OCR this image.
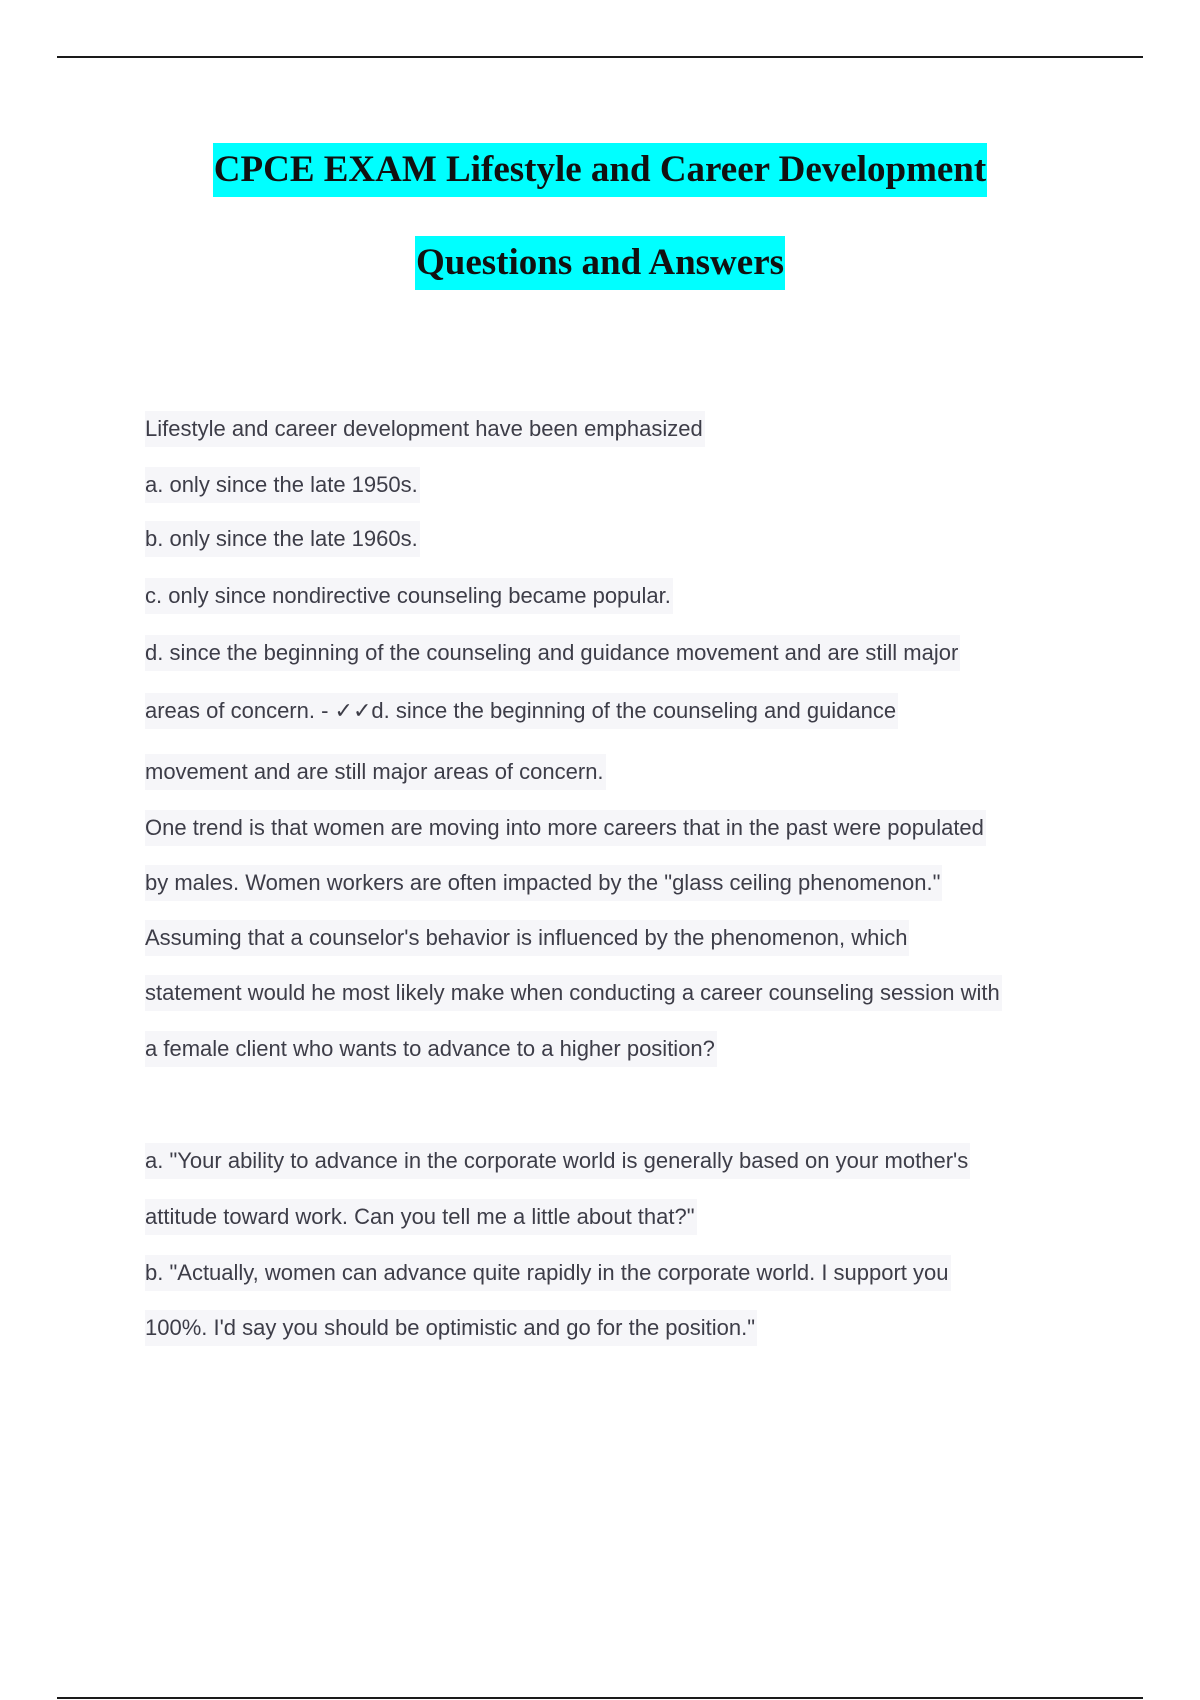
CPCE EXAM Lifestyle and Career Development
Questions and Answers
Lifestyle and career development have been emphasized
a. only since the late 1950s.
b. only since the late 1960s.
c. only since nondirective counseling became popular.
d. since the beginning of the counseling and guidance movement and are still major
areas of concern. - ✓✓d. since the beginning of the counseling and guidance
movement and are still major areas of concern.
One trend is that women are moving into more careers that in the past were populated
by males. Women workers are often impacted by the "glass ceiling phenomenon."
Assuming that a counselor's behavior is influenced by the phenomenon, which
statement would he most likely make when conducting a career counseling session with
a female client who wants to advance to a higher position?
a. "Your ability to advance in the corporate world is generally based on your mother's
attitude toward work. Can you tell me a little about that?"
b. "Actually, women can advance quite rapidly in the corporate world. I support you
100%. I'd say you should be optimistic and go for the position."
